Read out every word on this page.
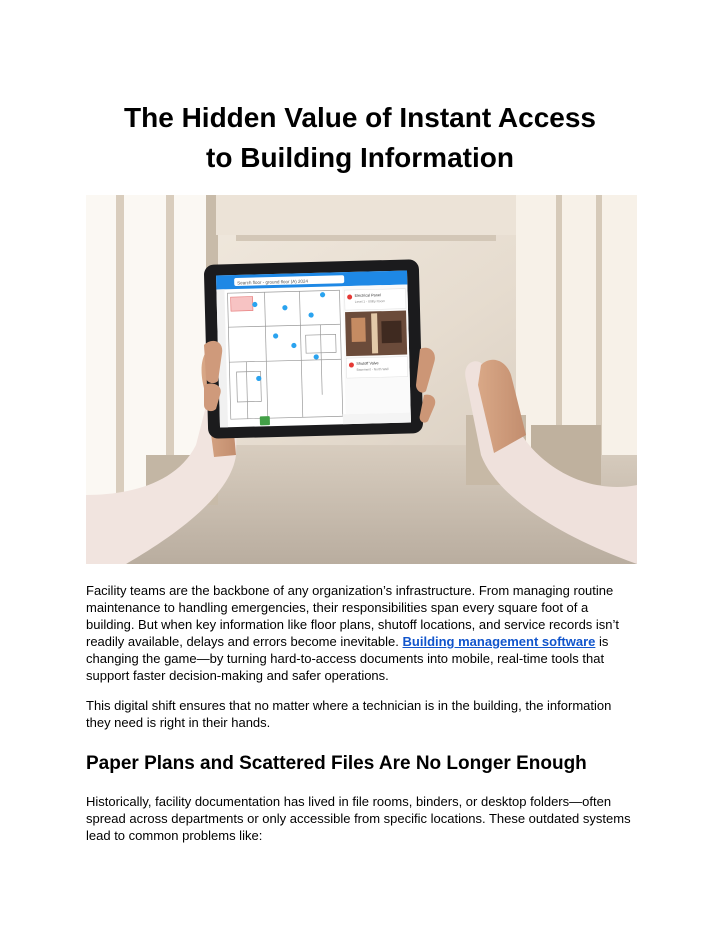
The Hidden Value of Instant Access
to Building Information
Search floor - ground floor (A) 2024
Electrical Panel
Level 1 - Utility Room
Shutoff Valve
Basement - North Wall

Facility teams are the backbone of any organization’s infrastructure. From managing routine maintenance to handling emergencies, their responsibilities span every square foot of a building. But when key information like floor plans, shutoff locations, and service records isn’t readily available, delays and errors become inevitable. Building management software is changing the game—by turning hard-to-access documents into mobile, real-time tools that support faster decision-making and safer operations.

This digital shift ensures that no matter where a technician is in the building, the information they need is right in their hands.

Paper Plans and Scattered Files Are No Longer Enough

Historically, facility documentation has lived in file rooms, binders, or desktop folders—often spread across departments or only accessible from specific locations. These outdated systems lead to common problems like:
